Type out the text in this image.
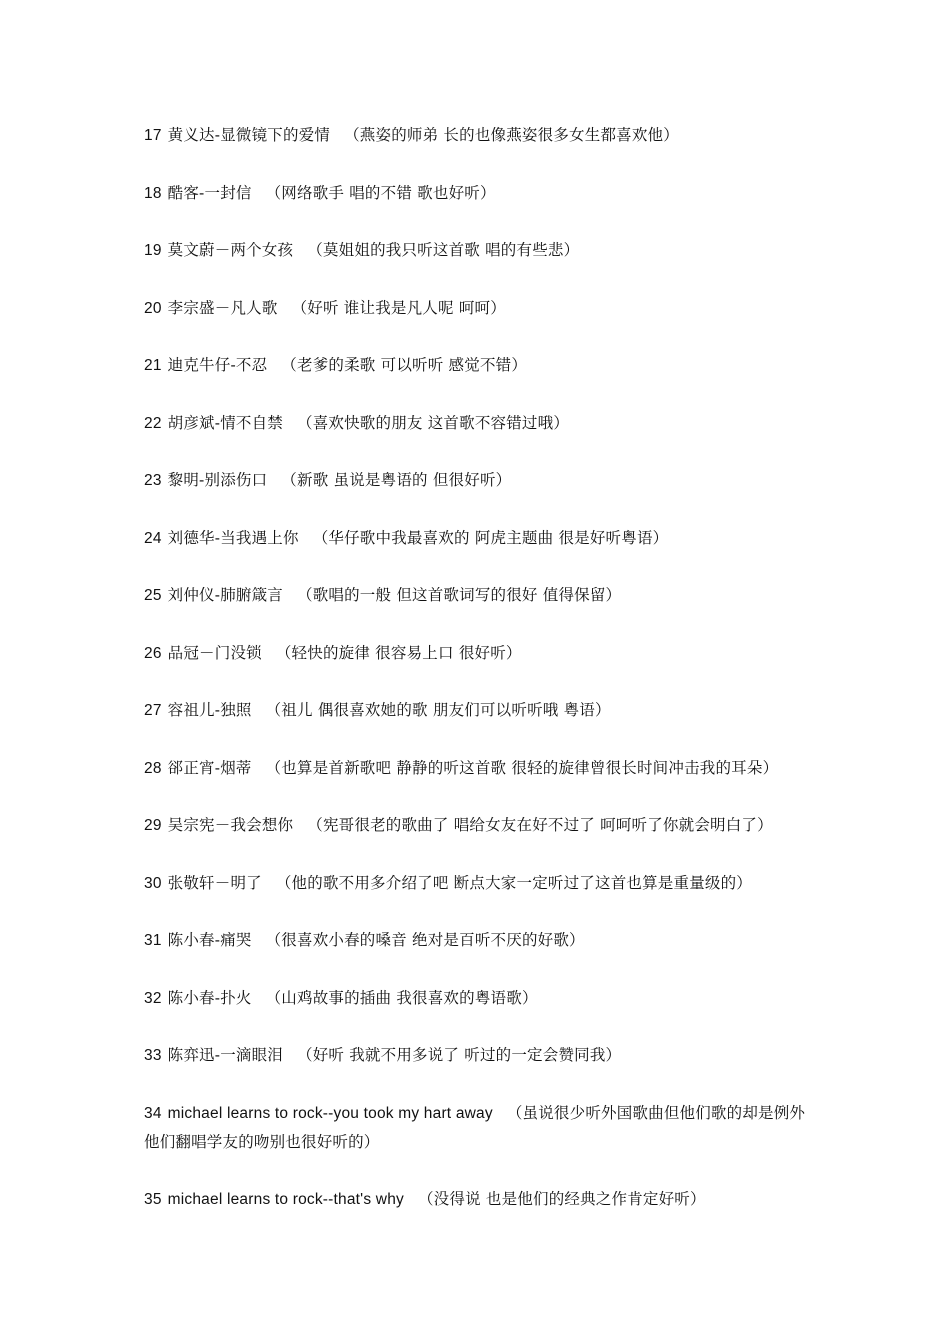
17 黄义达-显微镜下的爱情 （燕姿的师弟 长的也像燕姿很多女生都喜欢他）
18 酷客-一封信 （网络歌手 唱的不错 歌也好听）
19 莫文蔚－两个女孩 （莫姐姐的我只听这首歌 唱的有些悲）
20 李宗盛－凡人歌 （好听 谁让我是凡人呢 呵呵）
21 迪克牛仔-不忍 （老爹的柔歌 可以听听 感觉不错）
22 胡彦斌-情不自禁 （喜欢快歌的朋友 这首歌不容错过哦）
23 黎明-别添伤口 （新歌 虽说是粤语的 但很好听）
24 刘德华-当我遇上你 （华仔歌中我最喜欢的 阿虎主题曲 很是好听粤语）
25 刘仲仪-肺腑箴言 （歌唱的一般 但这首歌词写的很好 值得保留）
26 品冠－门没锁 （轻快的旋律 很容易上口 很好听）
27 容祖儿-独照 （祖儿 偶很喜欢她的歌 朋友们可以听听哦 粤语）
28 郤正宵-烟蒂 （也算是首新歌吧 静静的听这首歌 很轻的旋律曾很长时间冲击我的耳朵）
29 吴宗宪－我会想你 （宪哥很老的歌曲了 唱给女友在好不过了 呵呵听了你就会明白了）
30 张敬轩－明了 （他的歌不用多介绍了吧 断点大家一定听过了这首也算是重量级的）
31 陈小春-痛哭 （很喜欢小春的嗓音 绝对是百听不厌的好歌）
32 陈小春-扑火 （山鸡故事的插曲 我很喜欢的粤语歌）
33 陈弈迅-一滴眼泪 （好听 我就不用多说了 听过的一定会赞同我）
34 michael learns to rock--you took my hart away （虽说很少听外国歌曲但他们歌的却是例外 他们翻唱学友的吻别也很好听的）
35 michael learns to rock--that's why （没得说 也是他们的经典之作肯定好听）
